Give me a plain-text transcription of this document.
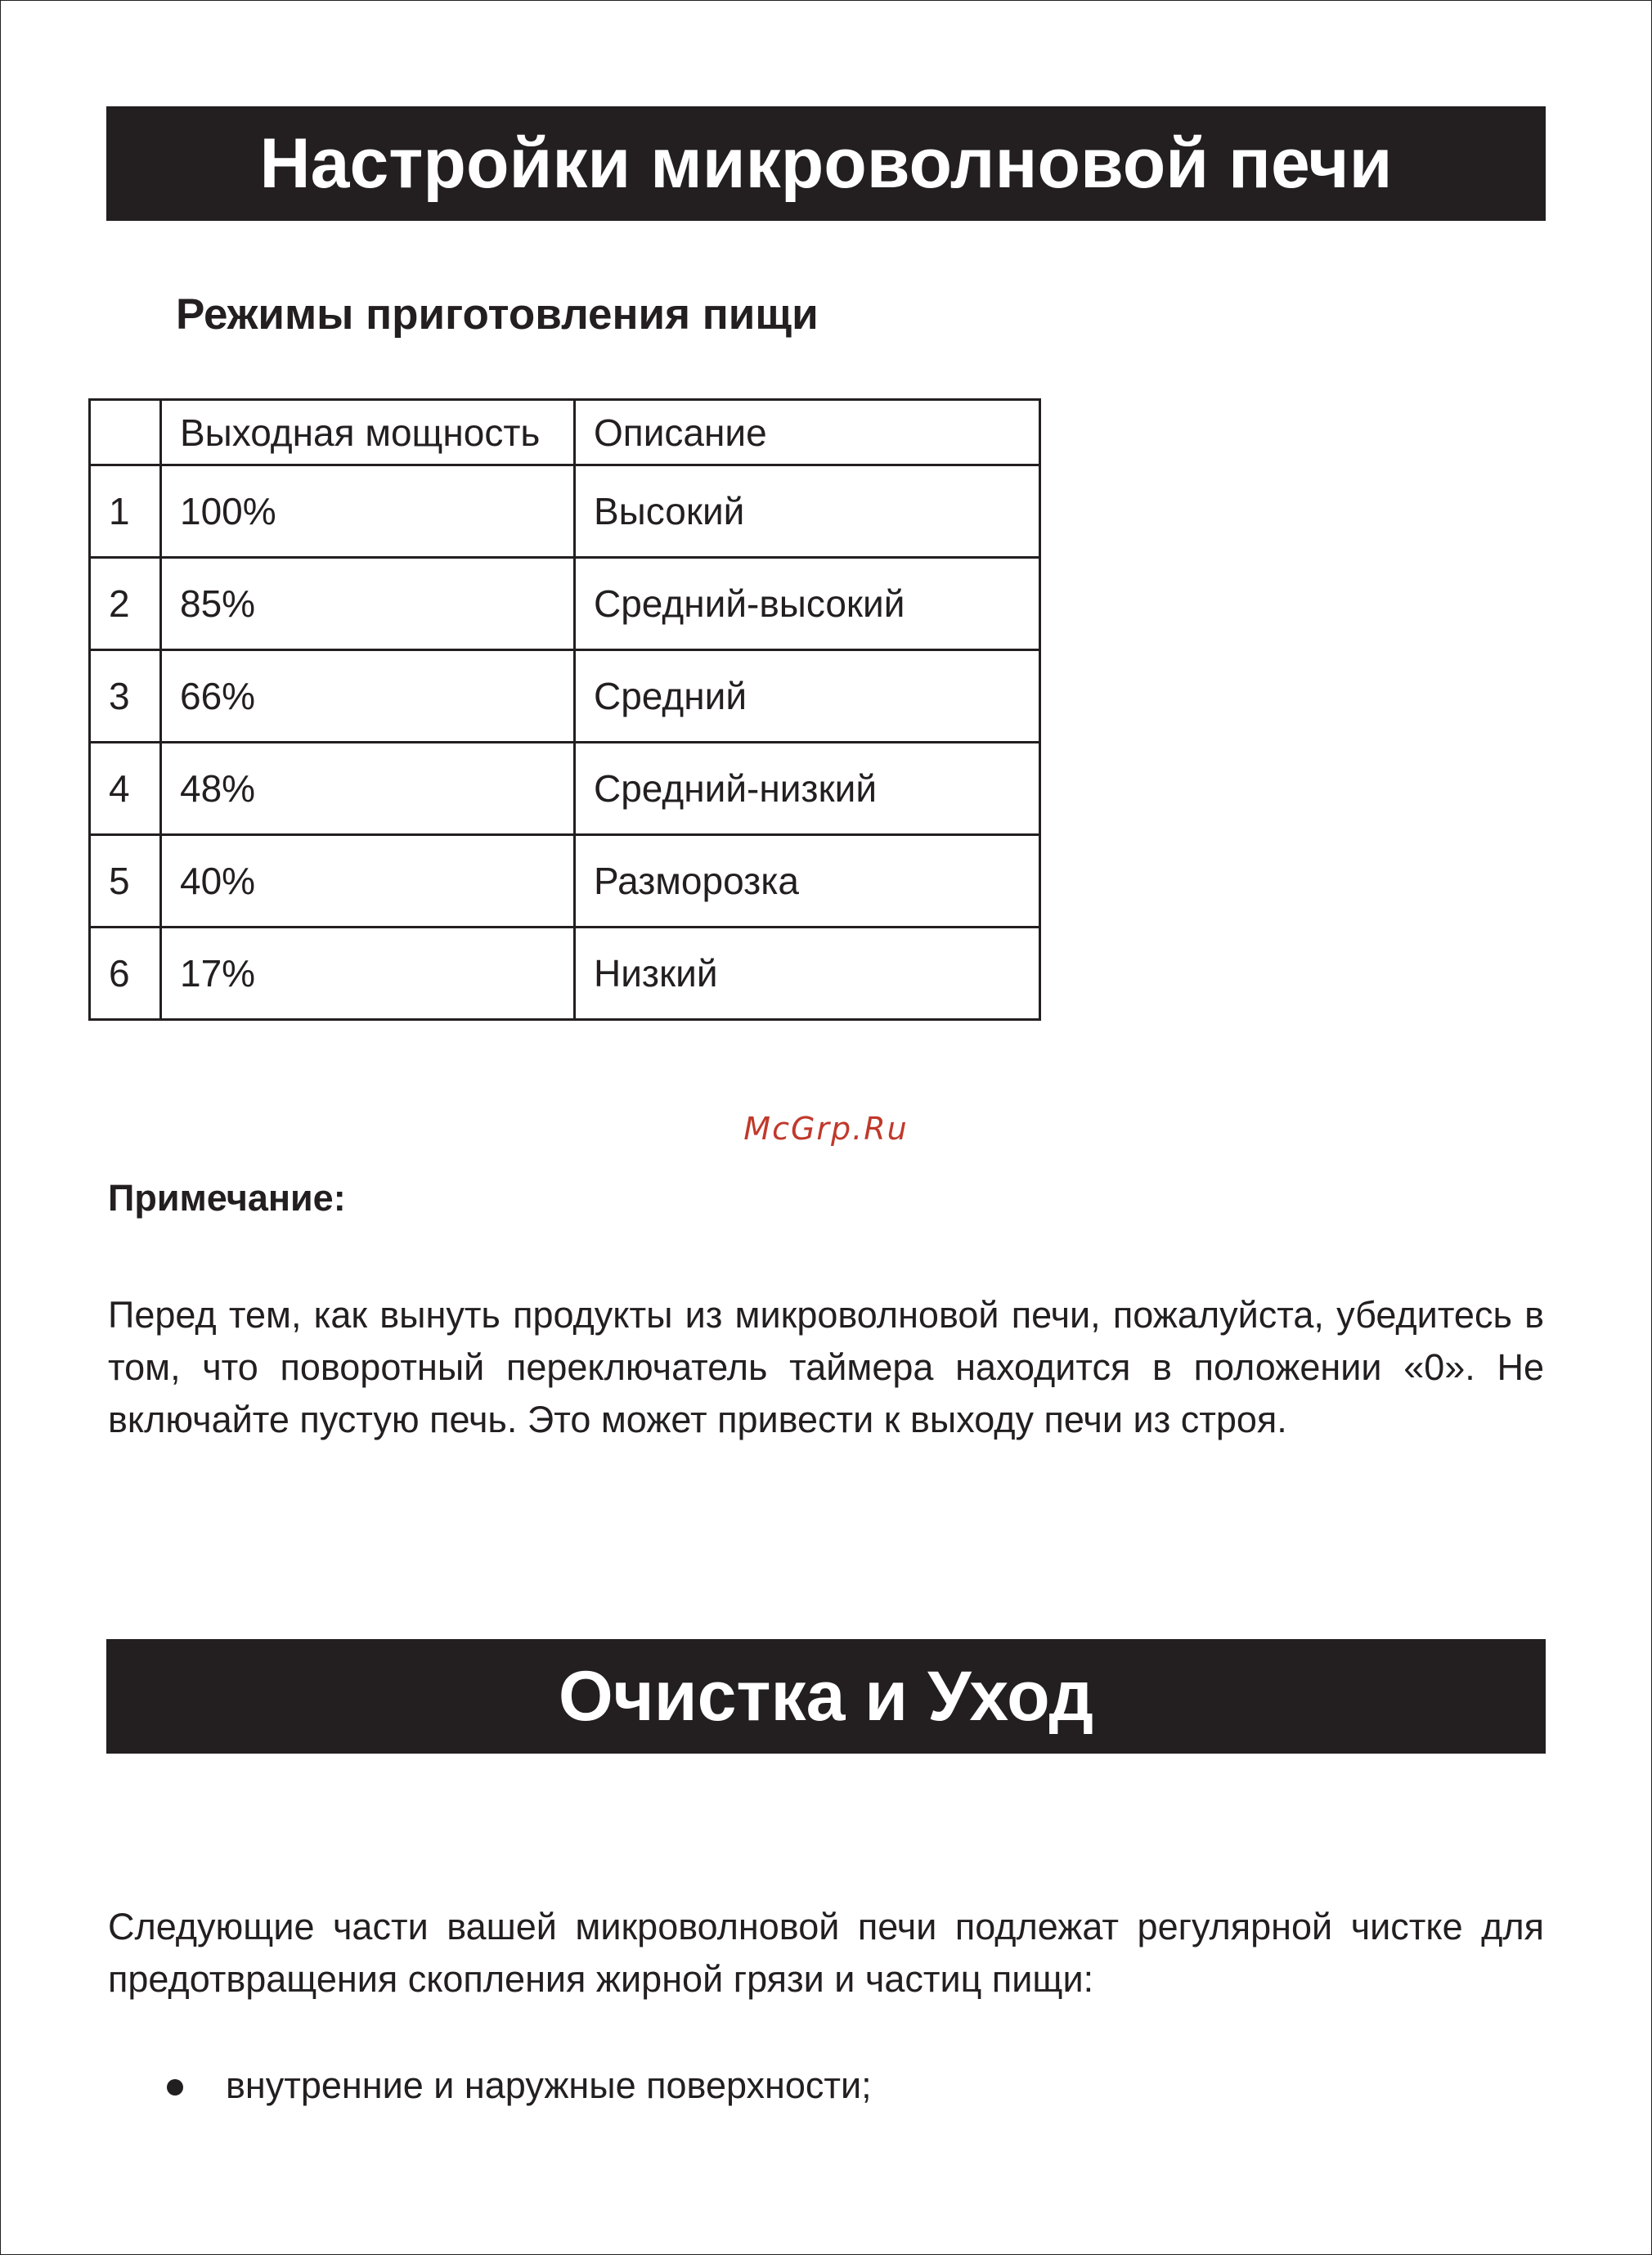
Настройки микроволновой печи
Режимы приготовления пищи
	Выходная мощность	Описание
1	100%	Высокий
2	85%	Средний-высокий
3	66%	Средний
4	48%	Средний-низкий
5	40%	Разморозка
6	17%	Низкий
McGrp.Ru
Примечание:
Перед тем, как вынуть продукты из микроволновой печи, пожалуйста, убедитесь в том, что поворотный переключатель таймера находится в положении «0». Не включайте пустую печь. Это может привести к выходу печи из строя.
Очистка и Уход
Следующие части вашей микроволновой печи подлежат регулярной чистке для предотвращения скопления жирной грязи и частиц пищи:
внутренние и наружные поверхности;
